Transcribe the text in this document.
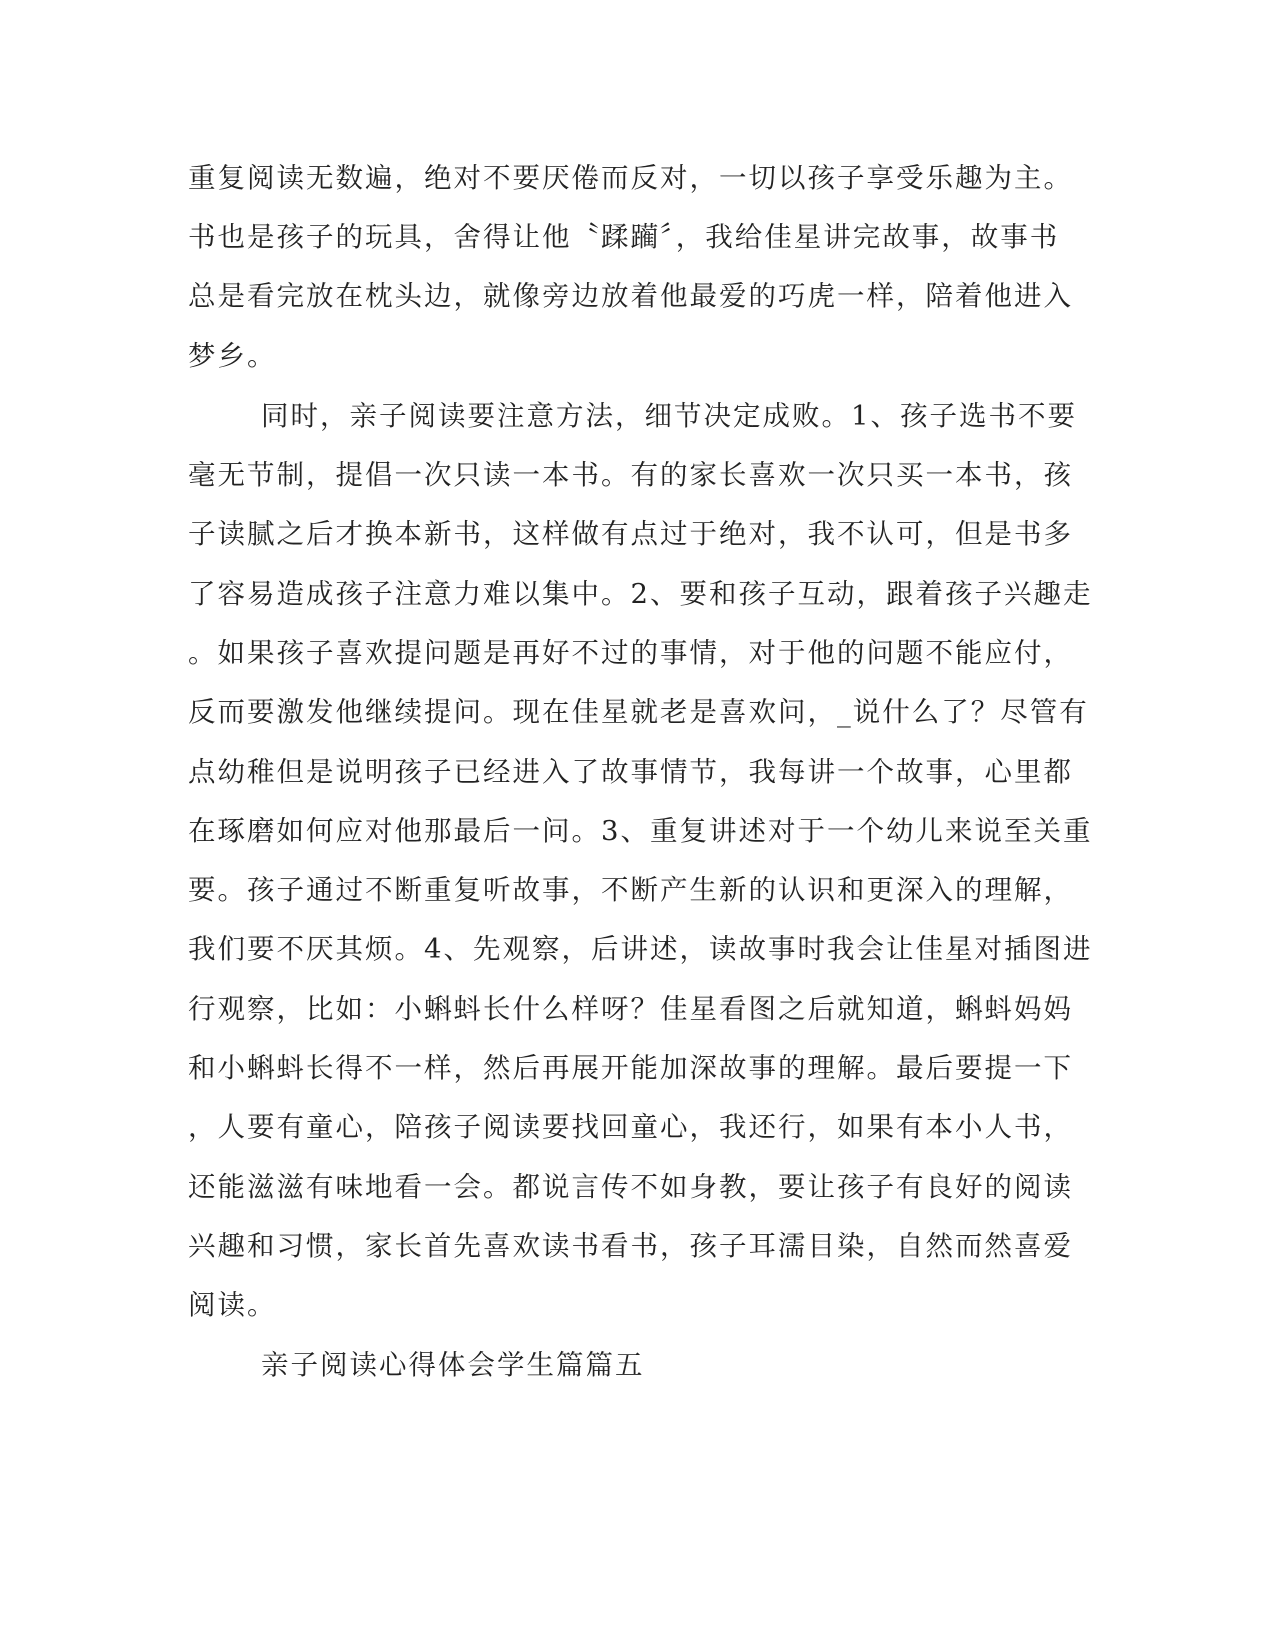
重复阅读无数遍，绝对不要厌倦而反对，一切以孩子享受乐趣为主。
书也是孩子的玩具，舍得让他〝蹂躏〞，我给佳星讲完故事，故事书
总是看完放在枕头边，就像旁边放着他最爱的巧虎一样，陪着他进入
梦乡。
同时，亲子阅读要注意方法，细节决定成败。1、孩子选书不要
毫无节制，提倡一次只读一本书。有的家长喜欢一次只买一本书，孩
子读腻之后才换本新书，这样做有点过于绝对，我不认可，但是书多
了容易造成孩子注意力难以集中。2、要和孩子互动，跟着孩子兴趣走
。如果孩子喜欢提问题是再好不过的事情，对于他的问题不能应付，
反而要激发他继续提问。现在佳星就老是喜欢问，_说什么了？尽管有
点幼稚但是说明孩子已经进入了故事情节，我每讲一个故事，心里都
在琢磨如何应对他那最后一问。3、重复讲述对于一个幼儿来说至关重
要。孩子通过不断重复听故事，不断产生新的认识和更深入的理解，
我们要不厌其烦。4、先观察，后讲述，读故事时我会让佳星对插图进
行观察，比如：小蝌蚪长什么样呀？佳星看图之后就知道，蝌蚪妈妈
和小蝌蚪长得不一样，然后再展开能加深故事的理解。最后要提一下
，人要有童心，陪孩子阅读要找回童心，我还行，如果有本小人书，
还能滋滋有味地看一会。都说言传不如身教，要让孩子有良好的阅读
兴趣和习惯，家长首先喜欢读书看书，孩子耳濡目染，自然而然喜爱
阅读。
亲子阅读心得体会学生篇篇五
